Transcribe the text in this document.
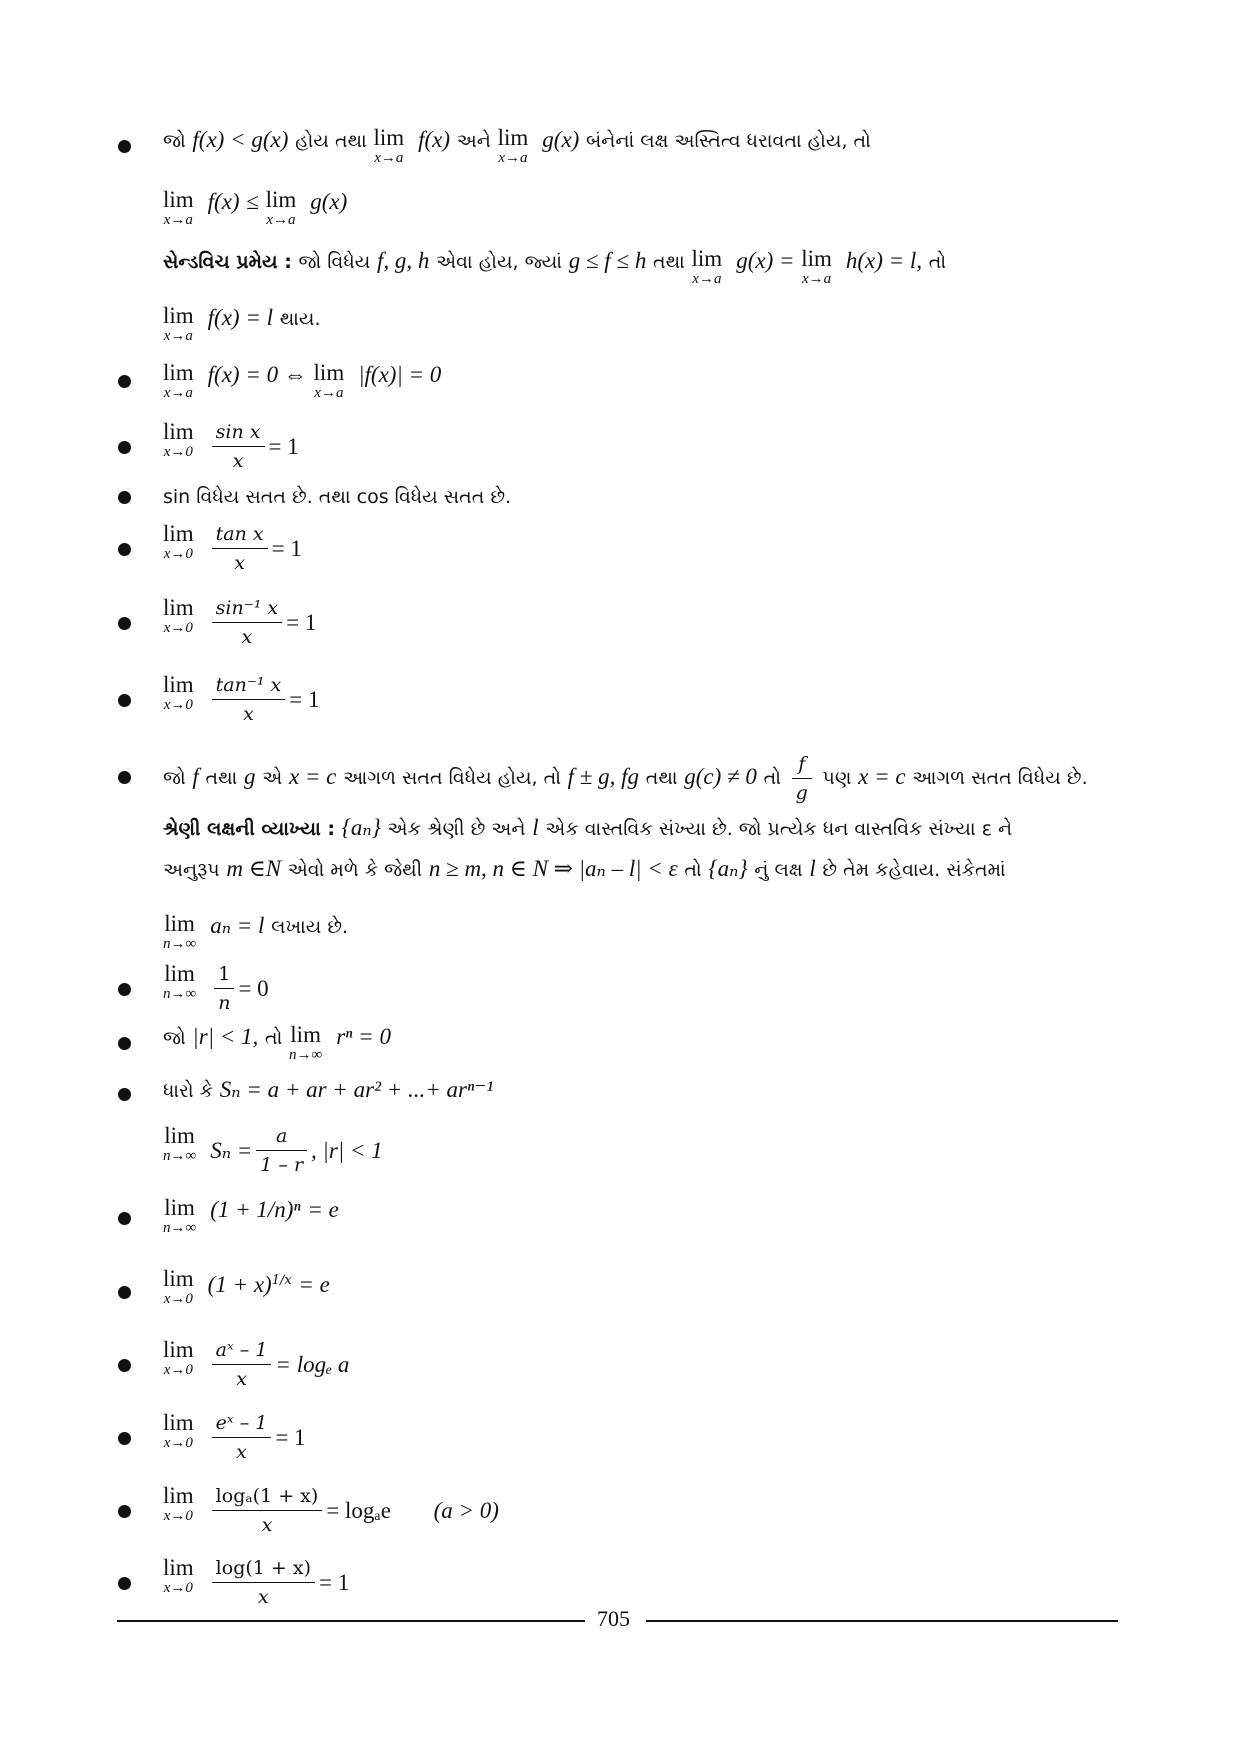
જો f(x) < g(x) હોય તથા lim
x→a
f(x) અને lim
x→a
g(x) બંનેનાં લક્ષ અસ્તિત્વ ધરાવતા હોય, તો
lim
x→a
f(x) ≤ lim
x→a
g(x)
સેન્ડવિચ પ્રમેય : જો વિધેય f, g, h એવા હોય, જ્યાં g ≤ f ≤ h તથા lim
x→a
g(x) = lim
x→a
h(x) = l, તો
lim
x→a
f(x) = l થાય.
lim
x→a
f(x) = 0 ⇔ lim
x→a
|f(x)| = 0
lim
$x\to 0 \frac{\text{sin x}}{x} = 1$
sin વિધેય સતત છે. તથા cos વિધેય સતત છે.
lim
$x\to 0 \frac{\text{tan x}}{x} = 1$
lim
$x\to 0 \frac{\text{sin⁻¹ x}}{x} = 1$
lim
$x\to 0 \frac{\text{tan⁻¹ x}}{x} = 1$
જો f તથા g એ x = c આગળ સતત વિધેય હોય, તો f ± g, fg તથા g(c) ≠ 0 તો $\frac{f}{g}$ પણ x = c આગળ સતત વિધેય છે.
શ્રેણી લક્ષની વ્યાખ્યા : {aₙ} એક શ્રેણી છે અને l એક વાસ્તવિક સંખ્યા છે. જો પ્રત્યેક ધન વાસ્તવિક સંખ્યા ε ને
અનુરૂપ m ∈N એવો મળે કે જેથી n ≥ m, n ∈ N ⇒ |aₙ – l| < ε તો {aₙ} નું લક્ષ l છે તેમ કહેવાય. સંકેતમાં
lim
n→∞
aₙ = l લખાય છે.
lim
$n\to\infty \frac{1}{n} = 0$
જો |r| < 1, તો lim
n→∞
rⁿ = 0
ધારો કે Sₙ = a + ar + ar² + ...+ arⁿ⁻¹
lim
n→∞ $S_n = \frac{a}{1 - r}$ , |r| < 1
lim
n→∞
(1 + 1/n)ⁿ = e
lim
x→0
$(1 + x)^{1/x} = e$
lim
$x\to 0 \frac{\text{aˣ – 1}}{x} = \log_e$ a
lim
$x\to 0 \frac{\text{eˣ – 1}}{x} = 1$
lim
$x\to 0 \frac{\text{logₐ(1 + x)}}{x} = \log_ae$ (a > 0)
lim
$x\to 0 \frac{\log(1 + x)}{x} = 1$
705
